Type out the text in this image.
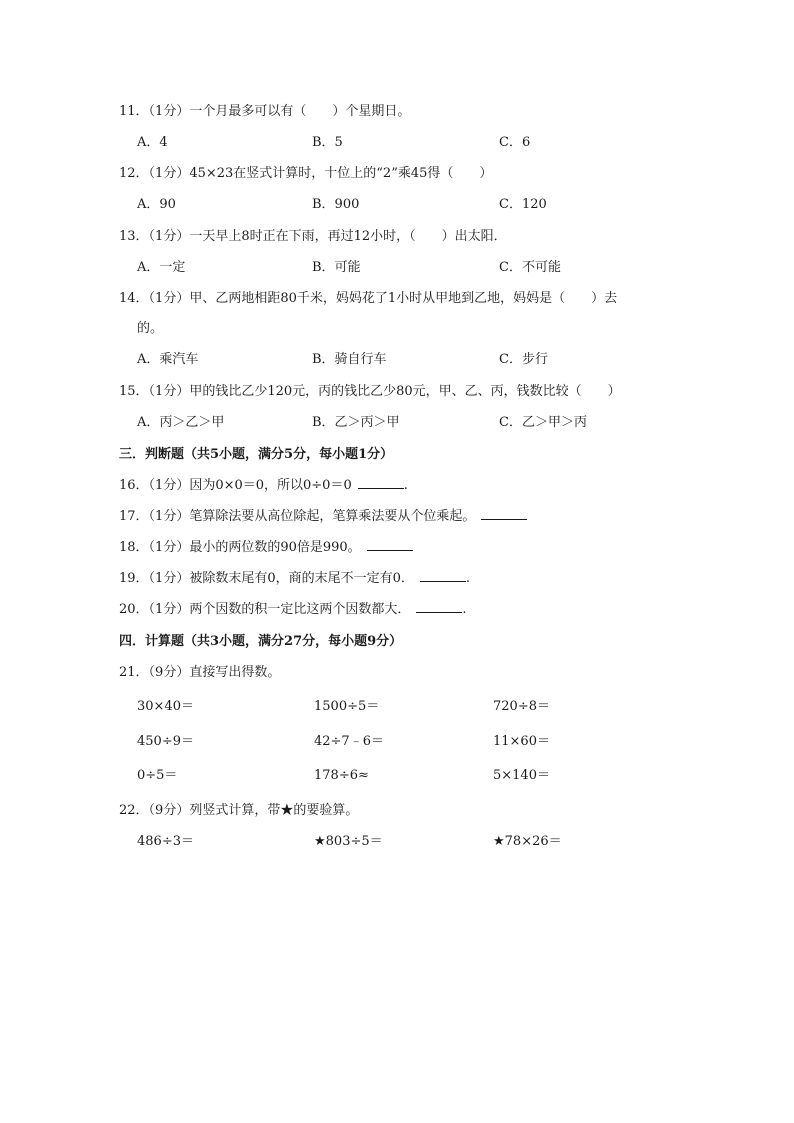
11．（1分）一个月最多可以有（　　）个星期日。
A．4	B．5	C．6
12．（1分）45×23在竖式计算时，十位上的“2”乘45得（　　）
A．90	B．900	C．120
13．（1分）一天早上8时正在下雨，再过12小时，（　　）出太阳．
A．一定	B．可能	C．不可能
14．（1分）甲、乙两地相距80千米，妈妈花了1小时从甲地到乙地，妈妈是（　　）去
的。
A．乘汽车	B．骑自行车	C．步行
15．（1分）甲的钱比乙少120元，丙的钱比乙少80元，甲、乙、丙，钱数比较（　　）
A．丙＞乙＞甲	B．乙＞丙＞甲	C．乙＞甲＞丙
三．判断题（共5小题，满分5分，每小题1分）
16．（1分）因为0×0＝0，所以0÷0＝0	.
17．（1分）笔算除法要从高位除起，笔算乘法要从个位乘起。
18．（1分）最小的两位数的90倍是990。
19．（1分）被除数末尾有0，商的末尾不一定有0．	.
20．（1分）两个因数的积一定比这两个因数都大．	.
四．计算题（共3小题，满分27分，每小题9分）
21．（9分）直接写出得数。
30×40＝	1500÷5＝	720÷8＝
450÷9＝	42÷7﹣6＝	11×60＝
0÷5＝	178÷6≈	5×140＝
22．（9分）列竖式计算，带★的要验算。
486÷3＝	★803÷5＝	★78×26＝
